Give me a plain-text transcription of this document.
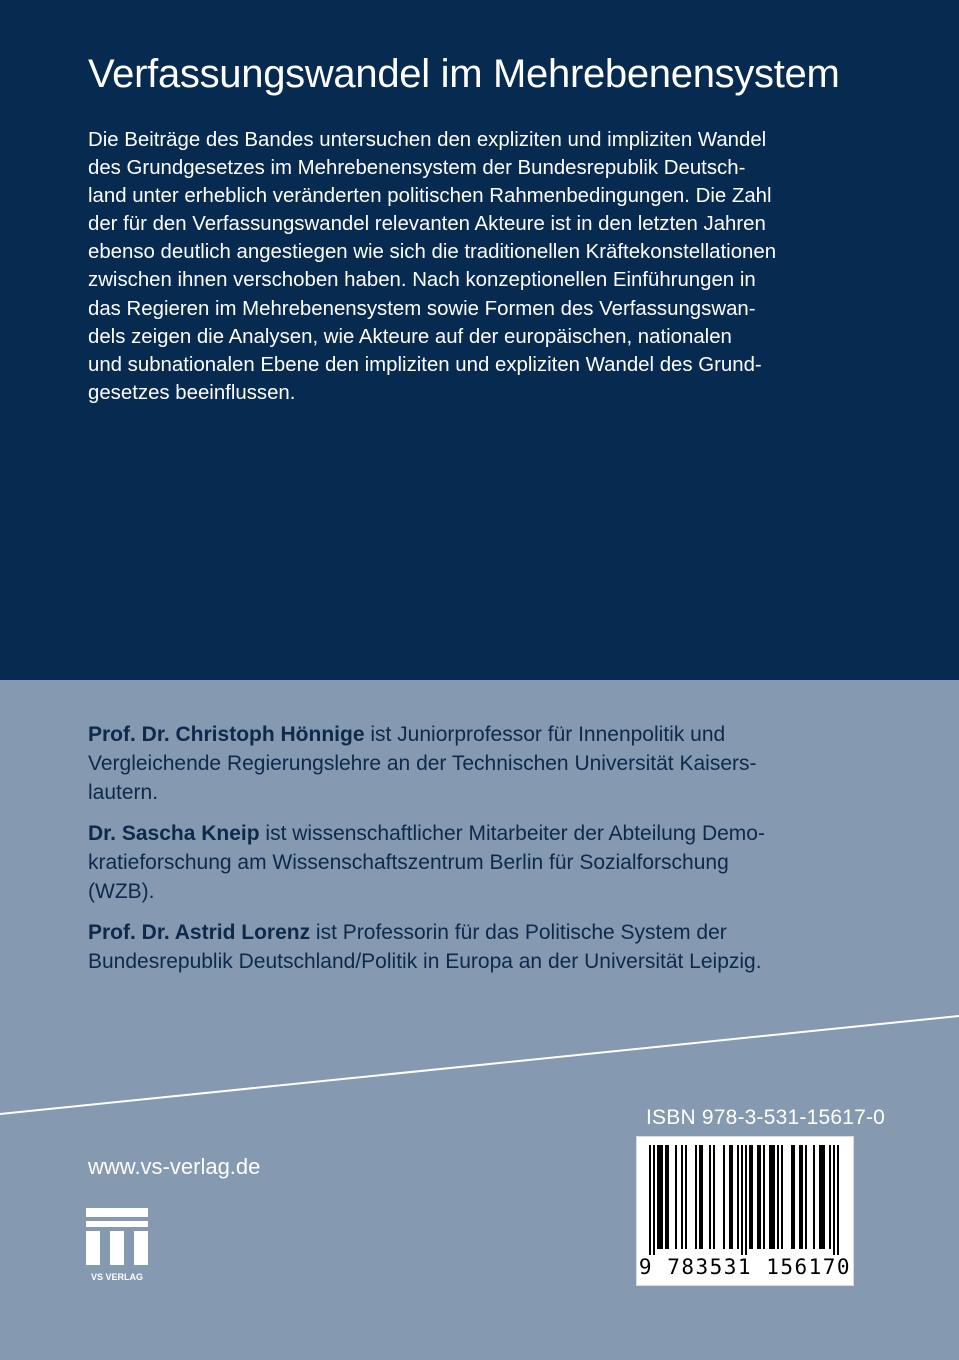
Verfassungswandel im Mehrebenensystem
Die Beiträge des Bandes untersuchen den expliziten und impliziten Wandel
des Grundgesetzes im Mehrebenensystem der Bundesrepublik Deutsch-
land unter erheblich veränderten politischen Rahmenbedingungen. Die Zahl
der für den Verfassungswandel relevanten Akteure ist in den letzten Jahren
ebenso deutlich angestiegen wie sich die traditionellen Kräftekonstellationen
zwischen ihnen verschoben haben. Nach konzeptionellen Einführungen in
das Regieren im Mehrebenensystem sowie Formen des Verfassungswan-
dels zeigen die Analysen, wie Akteure auf der europäischen, nationalen
und subnationalen Ebene den impliziten und expliziten Wandel des Grund-
gesetzes beeinflussen.
Prof. Dr. Christoph Hönnige ist Juniorprofessor für Innenpolitik und
Vergleichende Regierungslehre an der Technischen Universität Kaisers-
lautern.
Dr. Sascha Kneip ist wissenschaftlicher Mitarbeiter der Abteilung Demo-
kratieforschung am Wissenschaftszentrum Berlin für Sozialforschung
(WZB).
Prof. Dr. Astrid Lorenz ist Professorin für das Politische System der
Bundesrepublik Deutschland/Politik in Europa an der Universität Leipzig.
www.vs-verlag.de
VS VERLAG
ISBN 978-3-531-15617-0
9 783531 156170
